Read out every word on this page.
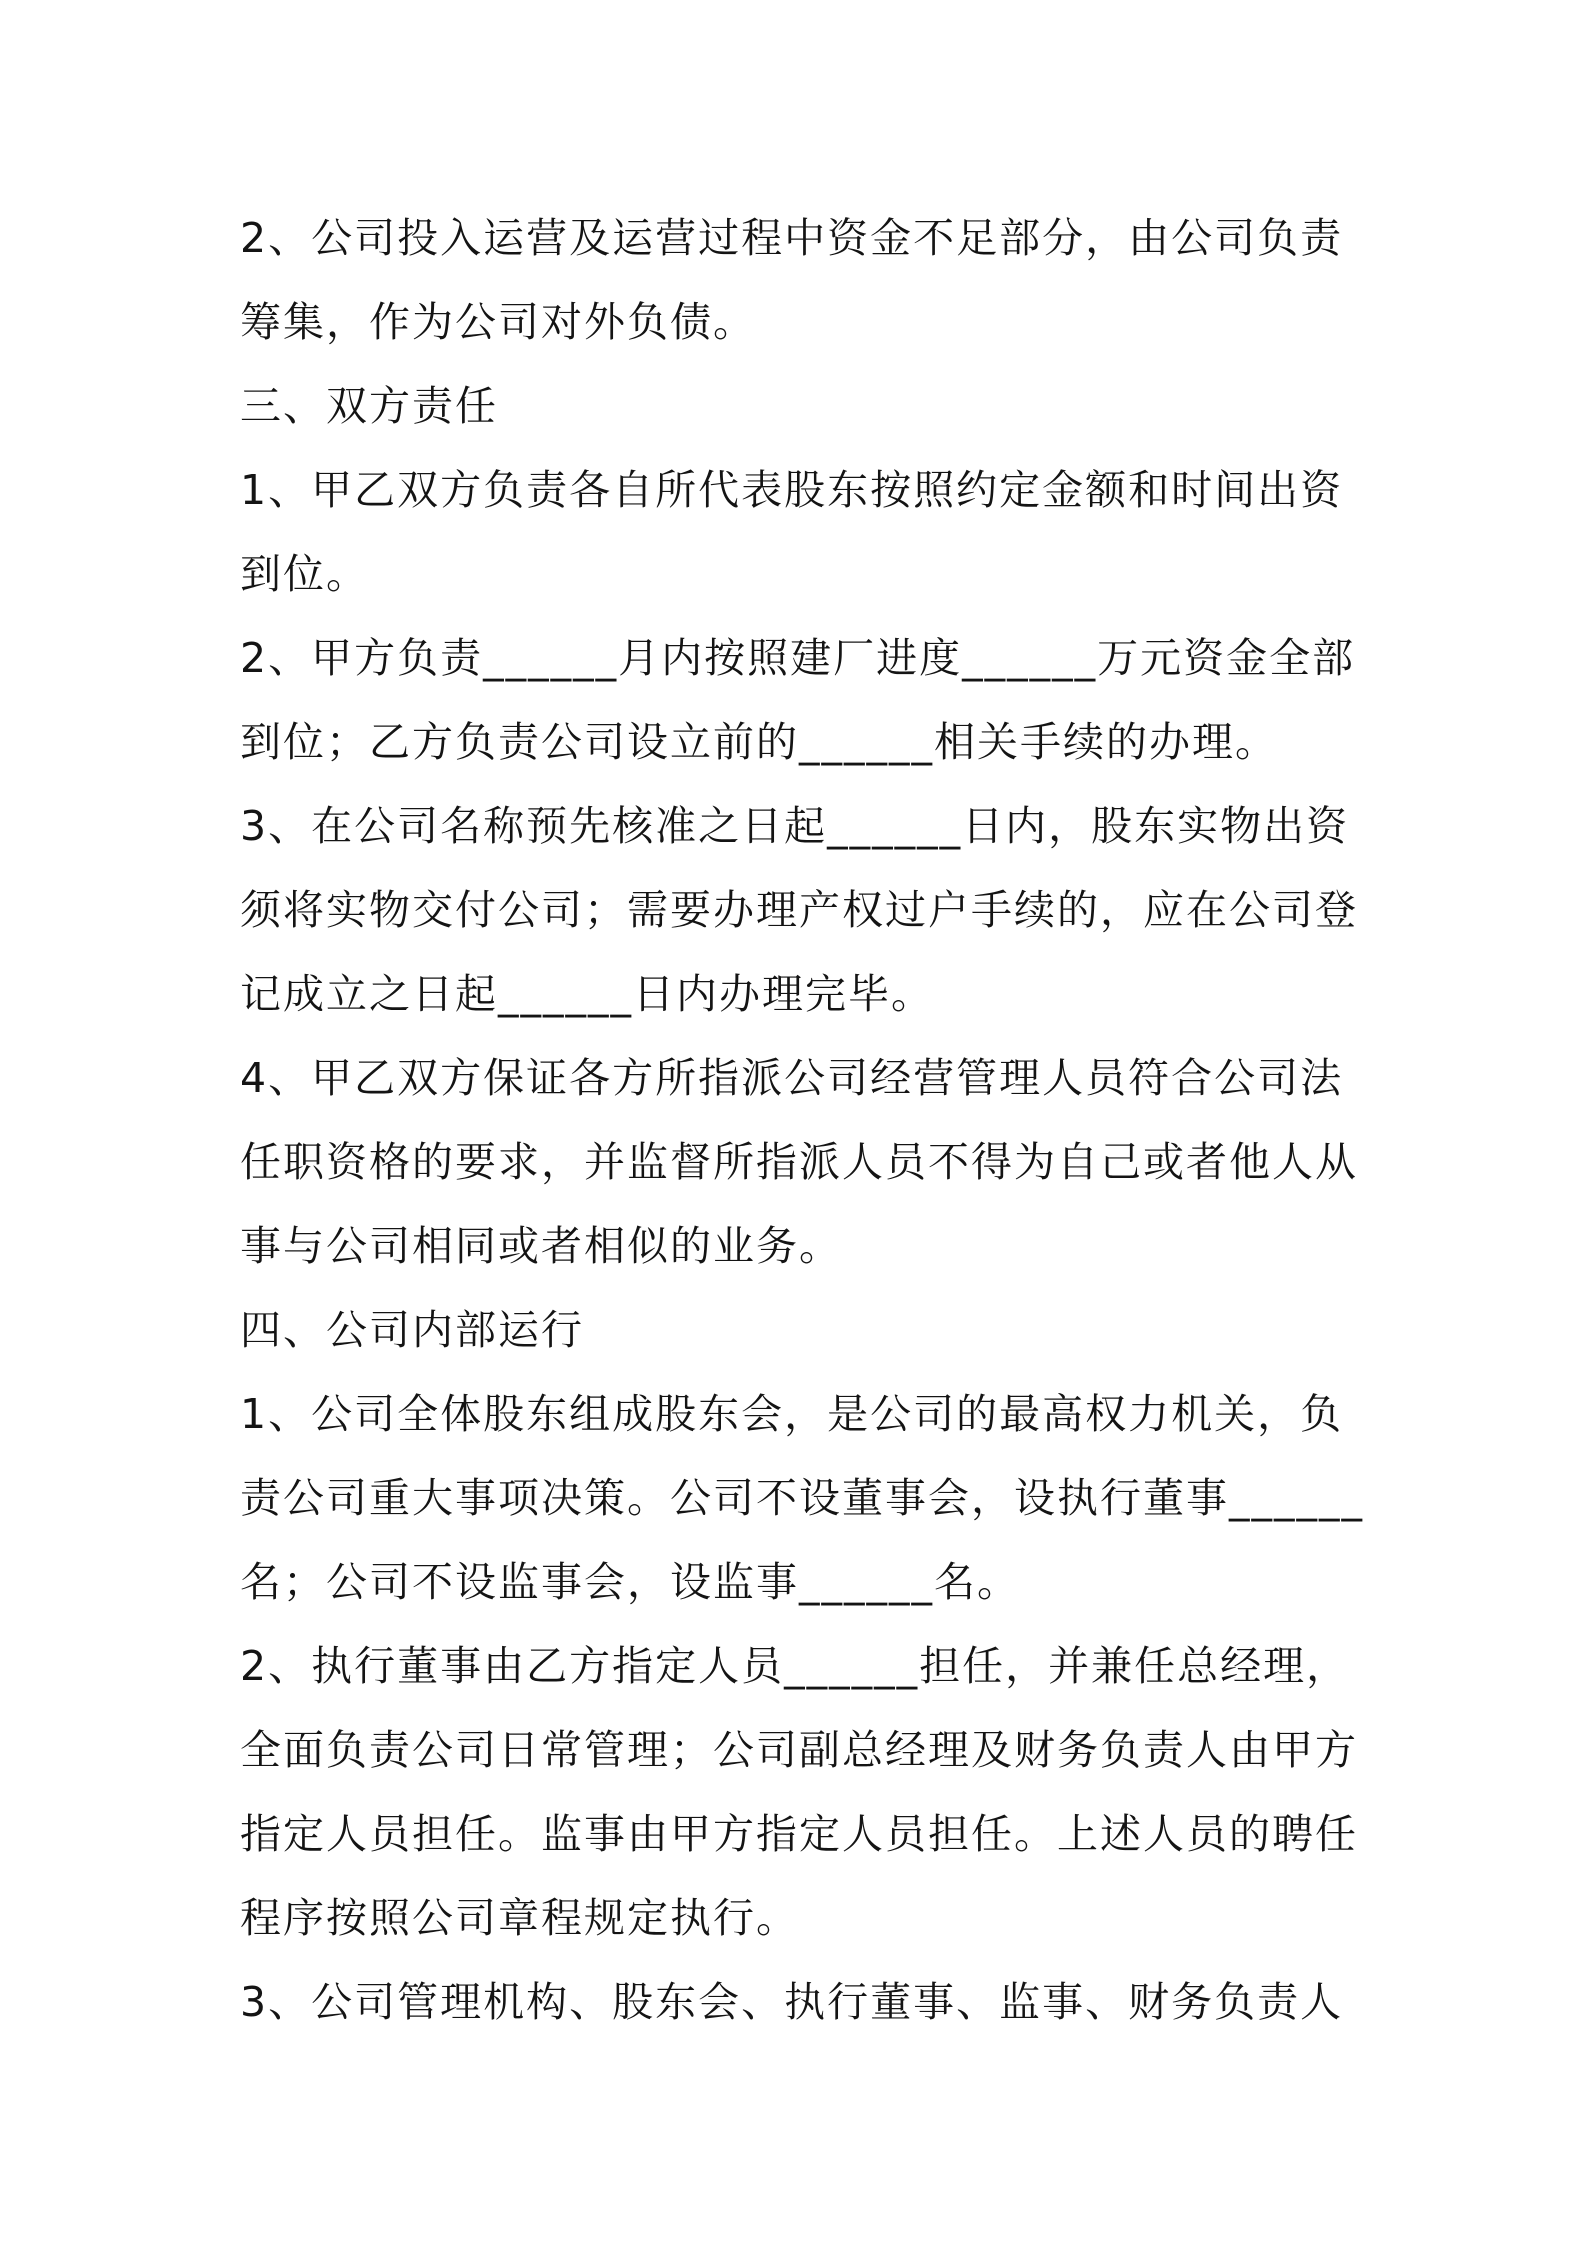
2、公司投入运营及运营过程中资金不足部分，由公司负责
筹集，作为公司对外负债。
三、双方责任
1、甲乙双方负责各自所代表股东按照约定金额和时间出资
到位。
2、甲方负责______月内按照建厂进度______万元资金全部
到位；乙方负责公司设立前的______相关手续的办理。
3、在公司名称预先核准之日起______日内，股东实物出资
须将实物交付公司；需要办理产权过户手续的，应在公司登
记成立之日起______日内办理完毕。
4、甲乙双方保证各方所指派公司经营管理人员符合公司法
任职资格的要求，并监督所指派人员不得为自己或者他人从
事与公司相同或者相似的业务。
四、公司内部运行
1、公司全体股东组成股东会，是公司的最高权力机关，负
责公司重大事项决策。公司不设董事会，设执行董事______
名；公司不设监事会，设监事______名。
2、执行董事由乙方指定人员______担任，并兼任总经理，
全面负责公司日常管理；公司副总经理及财务负责人由甲方
指定人员担任。监事由甲方指定人员担任。上述人员的聘任
程序按照公司章程规定执行。
3、公司管理机构、股东会、执行董事、监事、财务负责人
